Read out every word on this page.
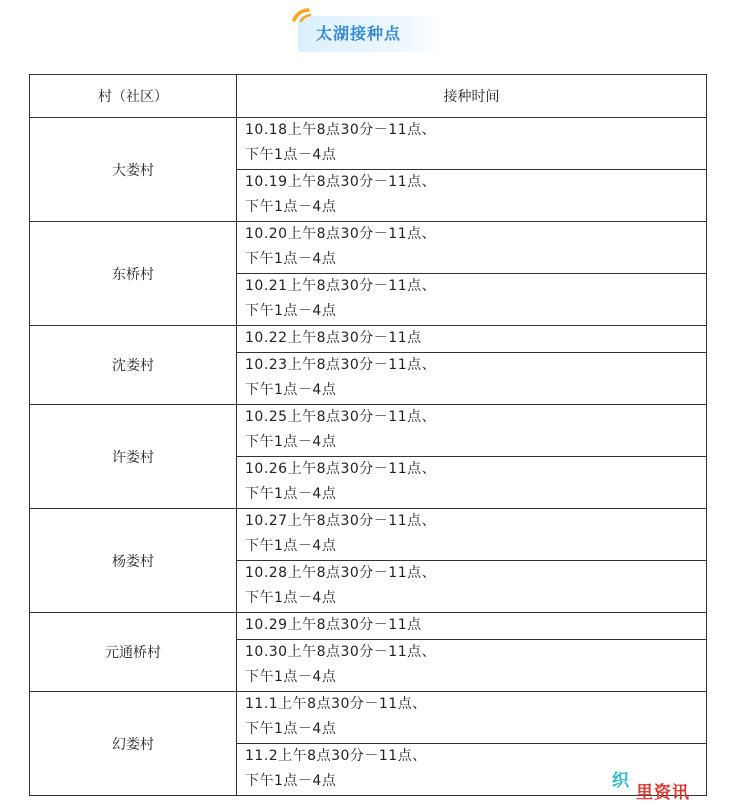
太湖接种点
村（社区）	接种时间
大娄村	10.18上午8点30分－11点、
下午1点－4点

	10.19上午8点30分－11点、
下午1点－4点

东桥村	10.20上午8点30分－11点、
下午1点－4点

	10.21上午8点30分－11点、
下午1点－4点

沈娄村	10.22上午8点30分－11点

	10.23上午8点30分－11点、
下午1点－4点

许娄村	10.25上午8点30分－11点、
下午1点－4点

	10.26上午8点30分－11点、
下午1点－4点

杨娄村	10.27上午8点30分－11点、
下午1点－4点

	10.28上午8点30分－11点、
下午1点－4点

元通桥村	10.29上午8点30分－11点

	10.30上午8点30分－11点、
下午1点－4点

幻娄村	11.1上午8点30分－11点、
下午1点－4点

	11.2上午8点30分－11点、
下午1点－4点	织
里资讯
